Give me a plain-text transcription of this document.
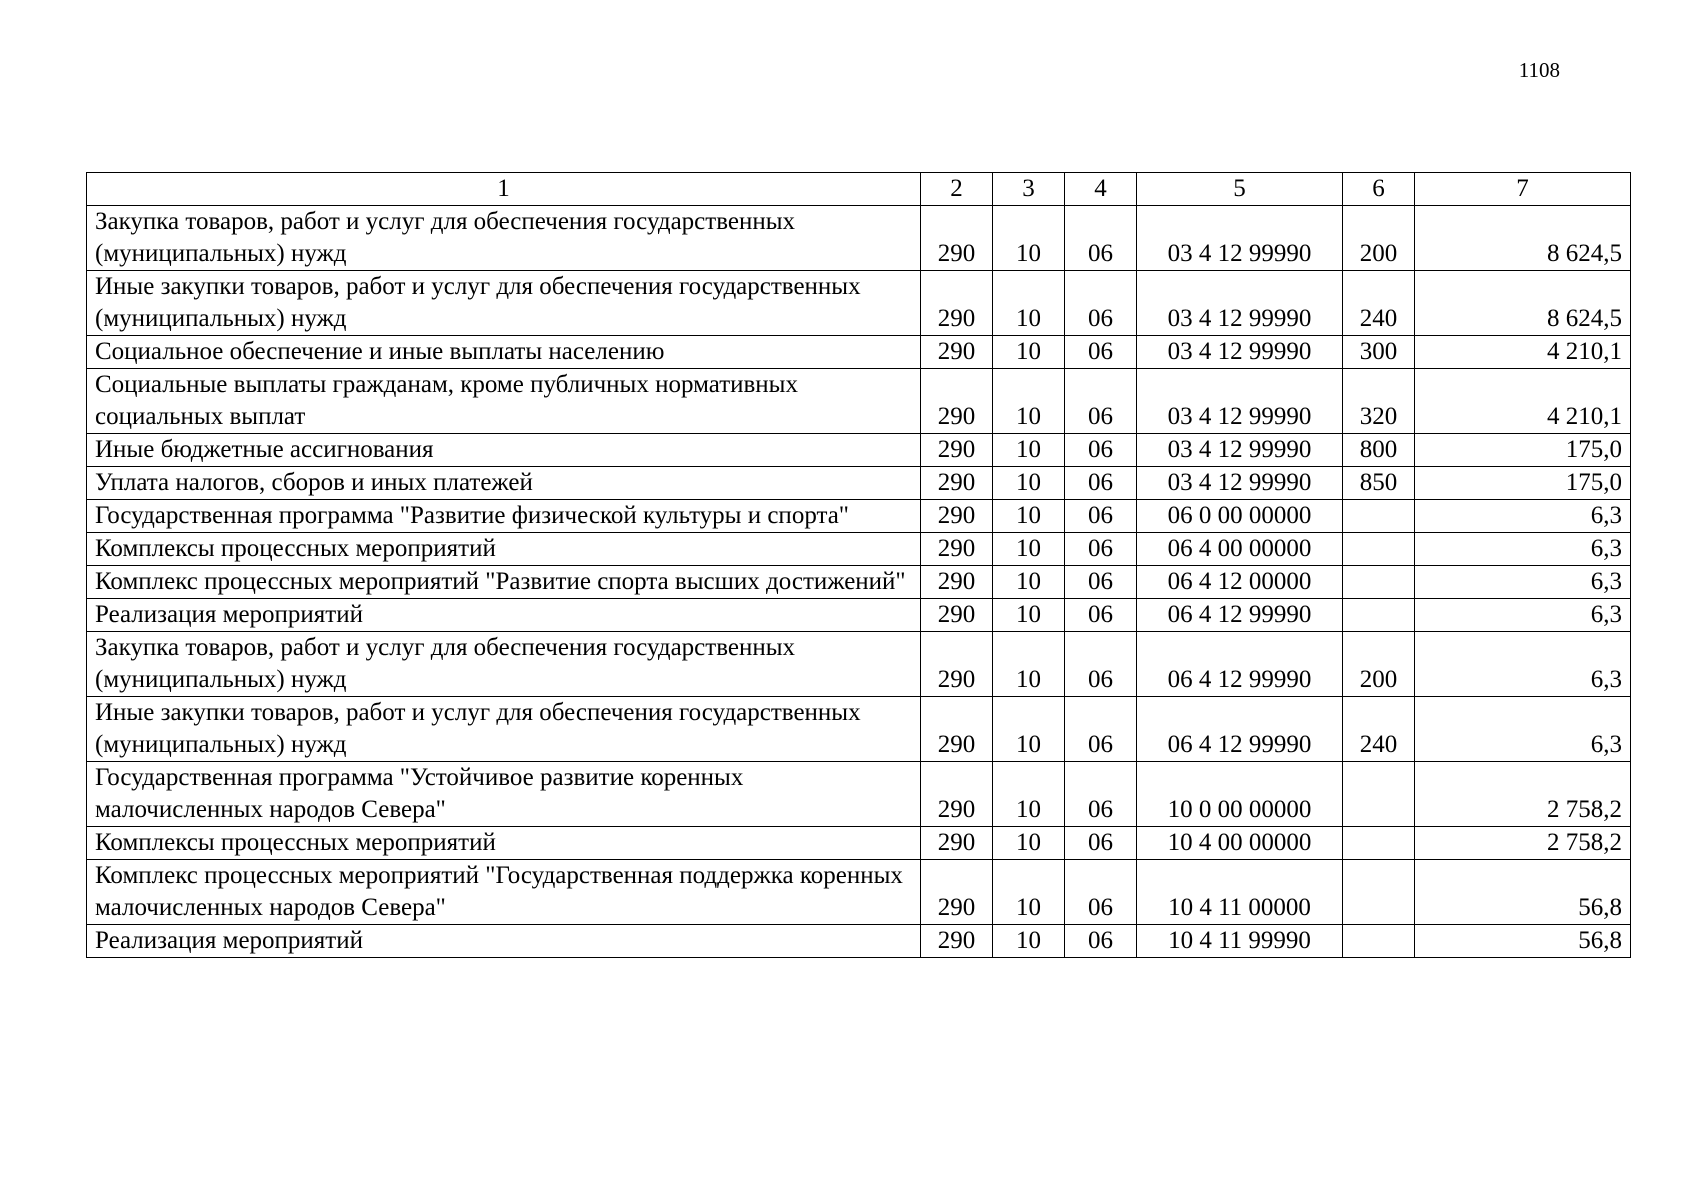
1108
1	2	3	4	5	6	7
Закупка товаров, работ и услуг для обеспечения государственных (муниципальных) нужд	290	10	06	03 4 12 99990	200	8 624,5
Иные закупки товаров, работ и услуг для обеспечения государственных (муниципальных) нужд	290	10	06	03 4 12 99990	240	8 624,5
Социальное обеспечение и иные выплаты населению	290	10	06	03 4 12 99990	300	4 210,1
Социальные выплаты гражданам, кроме публичных нормативных социальных выплат	290	10	06	03 4 12 99990	320	4 210,1
Иные бюджетные ассигнования	290	10	06	03 4 12 99990	800	175,0
Уплата налогов, сборов и иных платежей	290	10	06	03 4 12 99990	850	175,0
Государственная программа "Развитие физической культуры и спорта"	290	10	06	06 0 00 00000		6,3
Комплексы процессных мероприятий	290	10	06	06 4 00 00000		6,3
Комплекс процессных мероприятий "Развитие спорта высших достижений"	290	10	06	06 4 12 00000		6,3
Реализация мероприятий	290	10	06	06 4 12 99990		6,3
Закупка товаров, работ и услуг для обеспечения государственных (муниципальных) нужд	290	10	06	06 4 12 99990	200	6,3
Иные закупки товаров, работ и услуг для обеспечения государственных (муниципальных) нужд	290	10	06	06 4 12 99990	240	6,3
Государственная программа "Устойчивое развитие коренных малочисленных народов Севера"	290	10	06	10 0 00 00000		2 758,2
Комплексы процессных мероприятий	290	10	06	10 4 00 00000		2 758,2
Комплекс процессных мероприятий "Государственная поддержка коренных малочисленных народов Севера"	290	10	06	10 4 11 00000		56,8
Реализация мероприятий	290	10	06	10 4 11 99990		56,8
